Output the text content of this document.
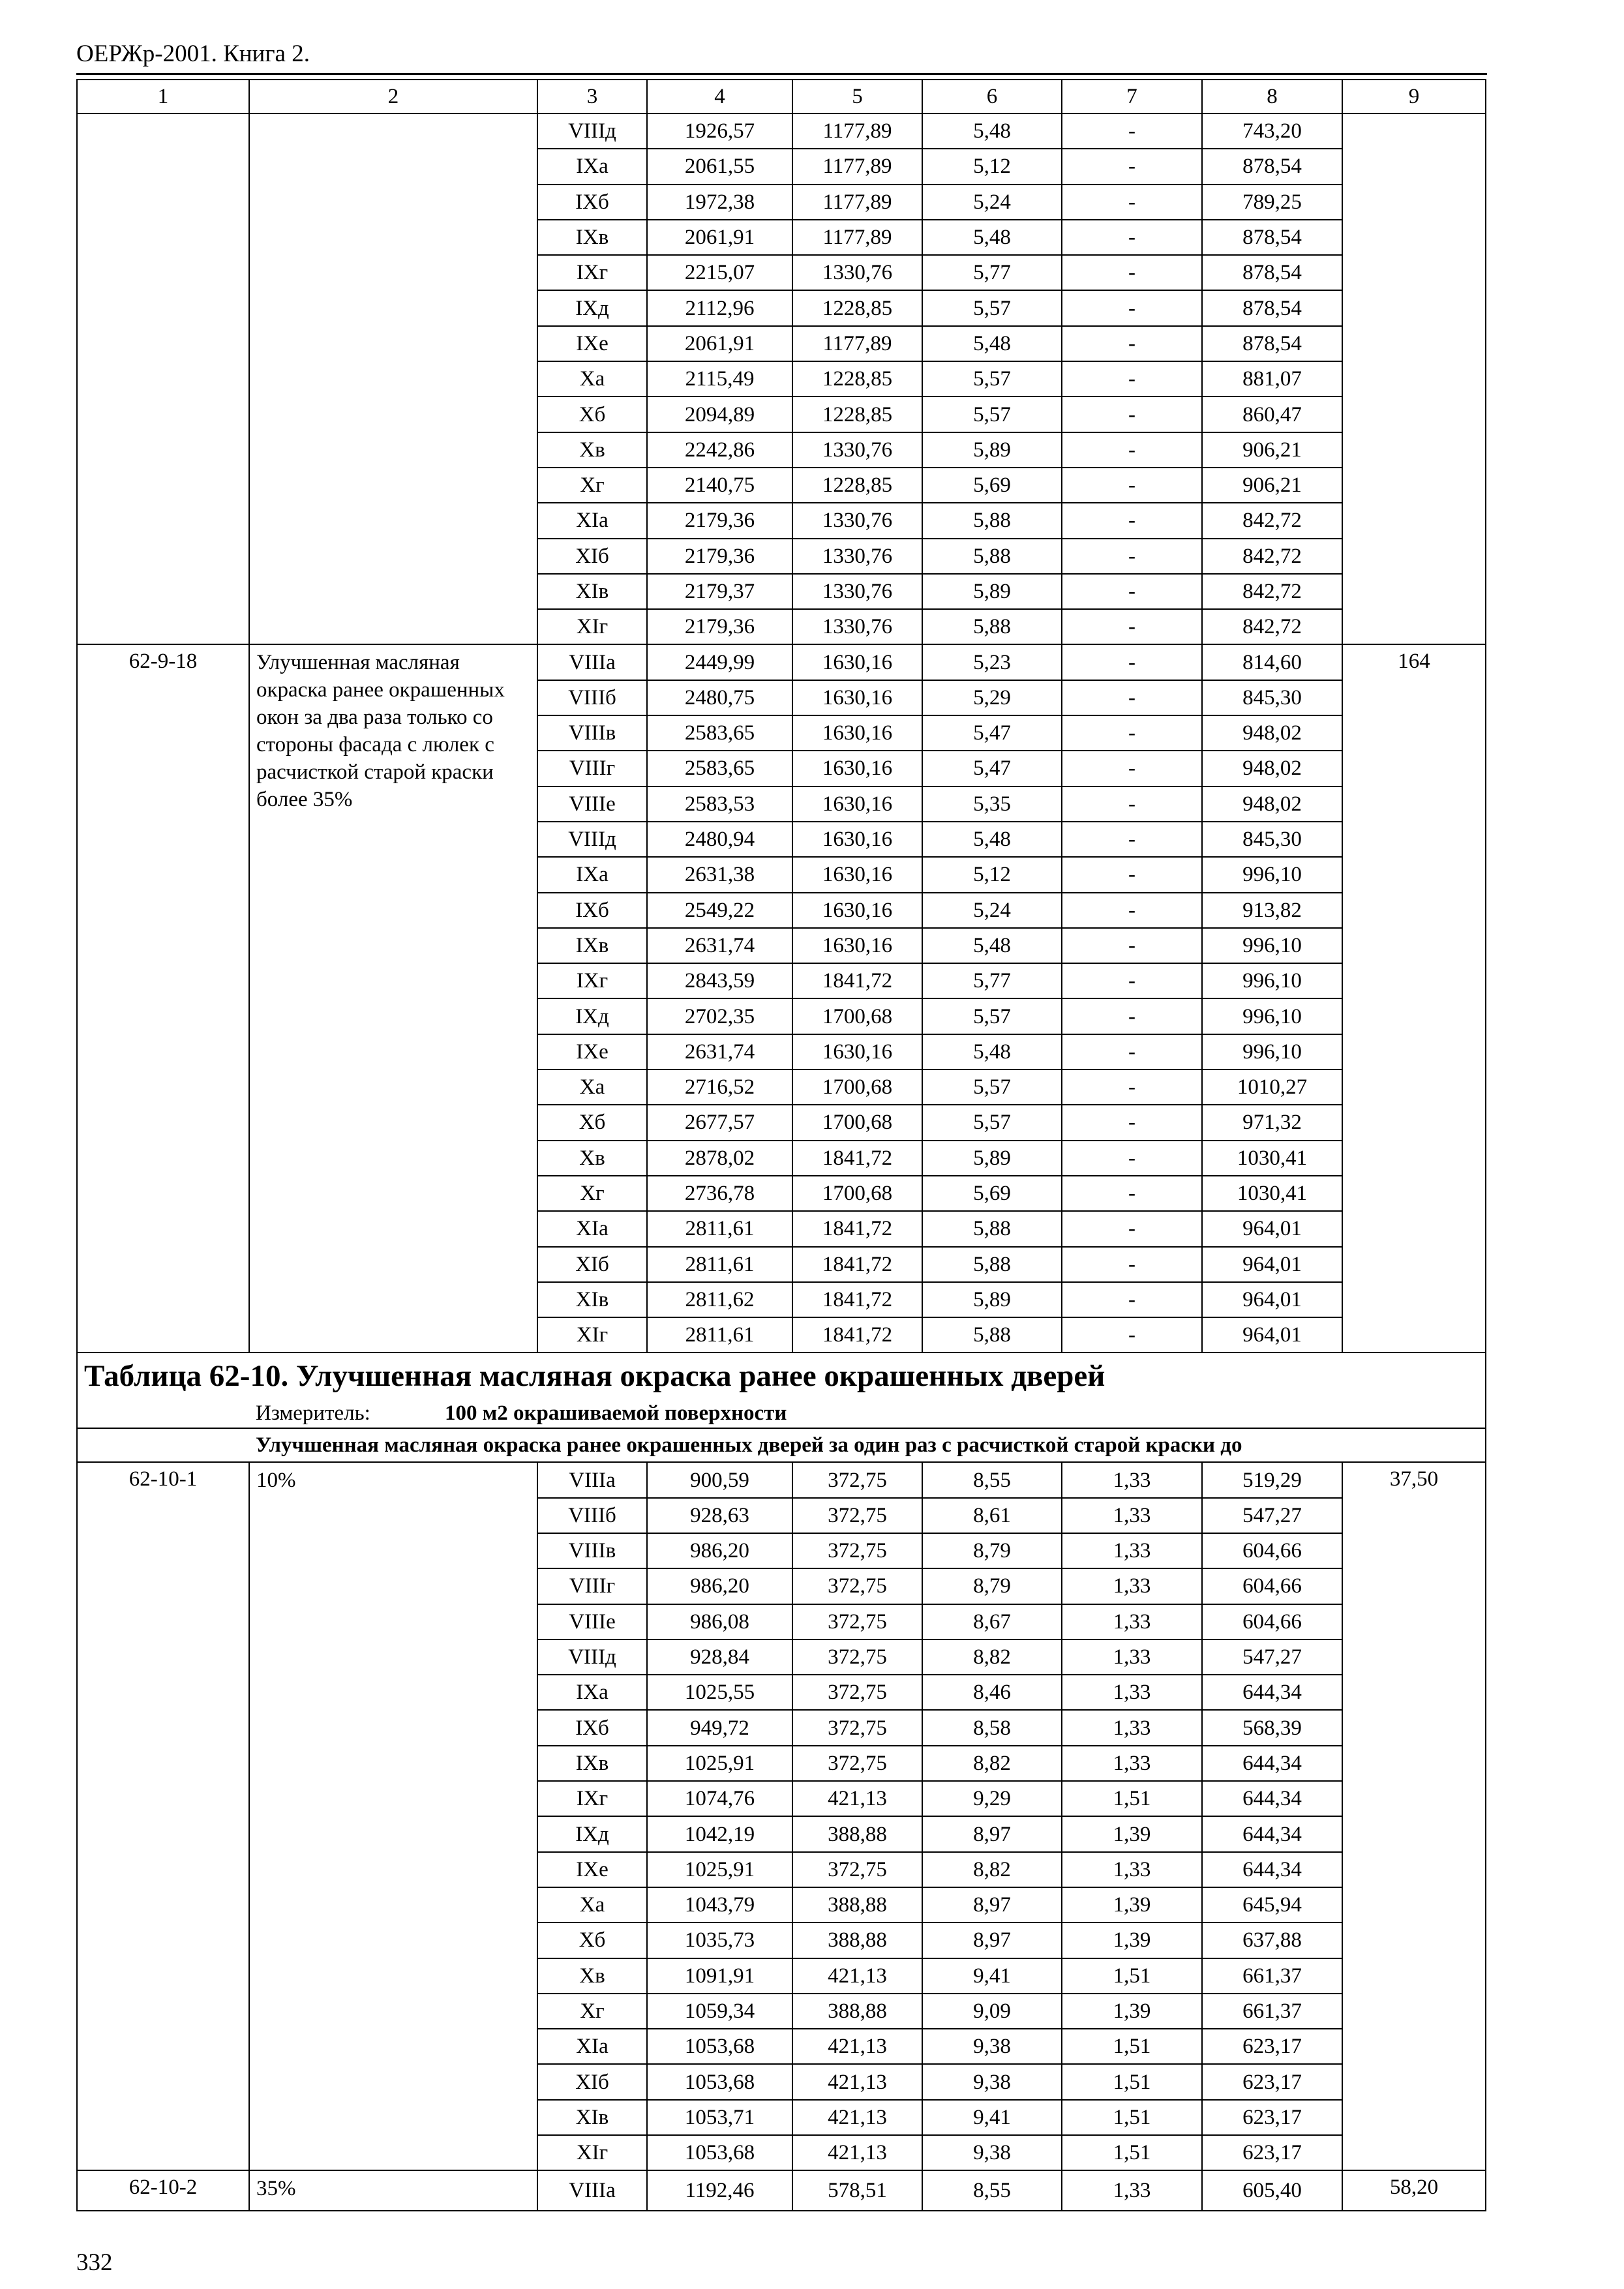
ОЕРЖр-2001. Книга 2.
1	2	3	4	5	6	7	8	9
		VIIIд	1926,57	1177,89	5,48	-	743,20	
		IXа	2061,55	1177,89	5,12	-	878,54	
		IXб	1972,38	1177,89	5,24	-	789,25	
		IXв	2061,91	1177,89	5,48	-	878,54	
		IXг	2215,07	1330,76	5,77	-	878,54	
		IXд	2112,96	1228,85	5,57	-	878,54	
		IXе	2061,91	1177,89	5,48	-	878,54	
		Xа	2115,49	1228,85	5,57	-	881,07	
		Xб	2094,89	1228,85	5,57	-	860,47	
		Xв	2242,86	1330,76	5,89	-	906,21	
		Xг	2140,75	1228,85	5,69	-	906,21	
		XIа	2179,36	1330,76	5,88	-	842,72	
		XIб	2179,36	1330,76	5,88	-	842,72	
		XIв	2179,37	1330,76	5,89	-	842,72	
		XIг	2179,36	1330,76	5,88	-	842,72	
62-9-18	Улучшенная масляная окраска ранее окрашенных окон за два раза только со стороны фасада с люлек с расчисткой старой краски более 35%	VIIIа	2449,99	1630,16	5,23	-	814,60	164
		VIIIб	2480,75	1630,16	5,29	-	845,30	
		VIIIв	2583,65	1630,16	5,47	-	948,02	
		VIIIг	2583,65	1630,16	5,47	-	948,02	
		VIIIе	2583,53	1630,16	5,35	-	948,02	
		VIIIд	2480,94	1630,16	5,48	-	845,30	
		IXа	2631,38	1630,16	5,12	-	996,10	
		IXб	2549,22	1630,16	5,24	-	913,82	
		IXв	2631,74	1630,16	5,48	-	996,10	
		IXг	2843,59	1841,72	5,77	-	996,10	
		IXд	2702,35	1700,68	5,57	-	996,10	
		IXе	2631,74	1630,16	5,48	-	996,10	
		Xа	2716,52	1700,68	5,57	-	1010,27	
		Xб	2677,57	1700,68	5,57	-	971,32	
		Xв	2878,02	1841,72	5,89	-	1030,41	
		Xг	2736,78	1700,68	5,69	-	1030,41	
		XIа	2811,61	1841,72	5,88	-	964,01	
		XIб	2811,61	1841,72	5,88	-	964,01	
		XIв	2811,62	1841,72	5,89	-	964,01	
		XIг	2811,61	1841,72	5,88	-	964,01	
Таблица 62-10. Улучшенная масляная окраска ранее окрашенных дверей								
Измеритель: 100 м2 окрашиваемой поверхности								
Улучшенная масляная окраска ранее окрашенных дверей за один раз с расчисткой старой краски до								
62-10-1	10%	VIIIа	900,59	372,75	8,55	1,33	519,29	37,50
		VIIIб	928,63	372,75	8,61	1,33	547,27	
		VIIIв	986,20	372,75	8,79	1,33	604,66	
		VIIIг	986,20	372,75	8,79	1,33	604,66	
		VIIIе	986,08	372,75	8,67	1,33	604,66	
		VIIIд	928,84	372,75	8,82	1,33	547,27	
		IXа	1025,55	372,75	8,46	1,33	644,34	
		IXб	949,72	372,75	8,58	1,33	568,39	
		IXв	1025,91	372,75	8,82	1,33	644,34	
		IXг	1074,76	421,13	9,29	1,51	644,34	
		IXд	1042,19	388,88	8,97	1,39	644,34	
		IXе	1025,91	372,75	8,82	1,33	644,34	
		Xа	1043,79	388,88	8,97	1,39	645,94	
		Xб	1035,73	388,88	8,97	1,39	637,88	
		Xв	1091,91	421,13	9,41	1,51	661,37	
		Xг	1059,34	388,88	9,09	1,39	661,37	
		XIа	1053,68	421,13	9,38	1,51	623,17	
		XIб	1053,68	421,13	9,38	1,51	623,17	
		XIв	1053,71	421,13	9,41	1,51	623,17	
		XIг	1053,68	421,13	9,38	1,51	623,17	
62-10-2	35%	VIIIа	1192,46	578,51	8,55	1,33	605,40	58,20
332
